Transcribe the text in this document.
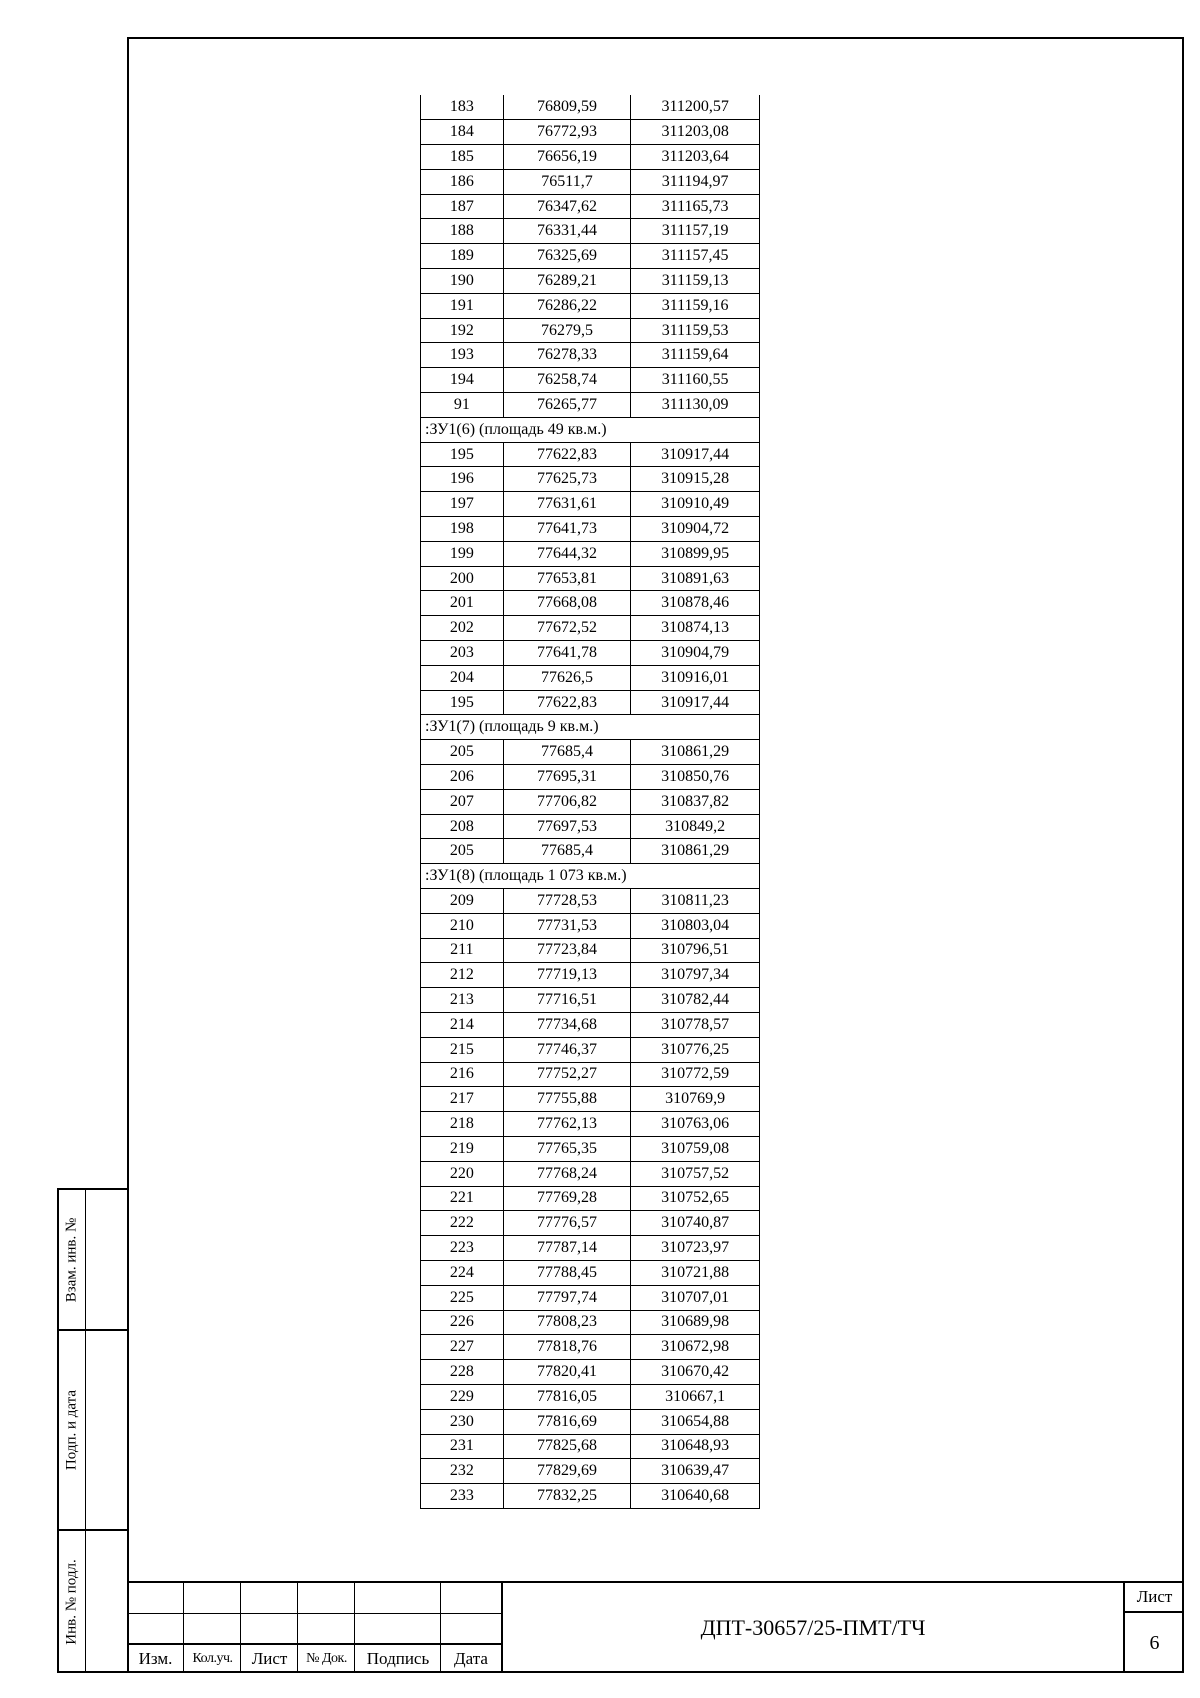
Взам. инв. №
Подп. и дата
Инв. № подл.
183	76809,59	311200,57
184	76772,93	311203,08
185	76656,19	311203,64
186	76511,7	311194,97
187	76347,62	311165,73
188	76331,44	311157,19
189	76325,69	311157,45
190	76289,21	311159,13
191	76286,22	311159,16
192	76279,5	311159,53
193	76278,33	311159,64
194	76258,74	311160,55
91	76265,77	311130,09
:ЗУ1(6) (площадь 49 кв.м.)		
195	77622,83	310917,44
196	77625,73	310915,28
197	77631,61	310910,49
198	77641,73	310904,72
199	77644,32	310899,95
200	77653,81	310891,63
201	77668,08	310878,46
202	77672,52	310874,13
203	77641,78	310904,79
204	77626,5	310916,01
195	77622,83	310917,44
:ЗУ1(7) (площадь 9 кв.м.)		
205	77685,4	310861,29
206	77695,31	310850,76
207	77706,82	310837,82
208	77697,53	310849,2
205	77685,4	310861,29
:ЗУ1(8) (площадь 1 073 кв.м.)		
209	77728,53	310811,23
210	77731,53	310803,04
211	77723,84	310796,51
212	77719,13	310797,34
213	77716,51	310782,44
214	77734,68	310778,57
215	77746,37	310776,25
216	77752,27	310772,59
217	77755,88	310769,9
218	77762,13	310763,06
219	77765,35	310759,08
220	77768,24	310757,52
221	77769,28	310752,65
222	77776,57	310740,87
223	77787,14	310723,97
224	77788,45	310721,88
225	77797,74	310707,01
226	77808,23	310689,98
227	77818,76	310672,98
228	77820,41	310670,42
229	77816,05	310667,1
230	77816,69	310654,88
231	77825,68	310648,93
232	77829,69	310639,47
233	77832,25	310640,68
Изм.	Кол.уч.	Лист	№ Док.	Подпись	Дата
ДПТ-30657/25-ПМТ/ТЧ
Лист
6
